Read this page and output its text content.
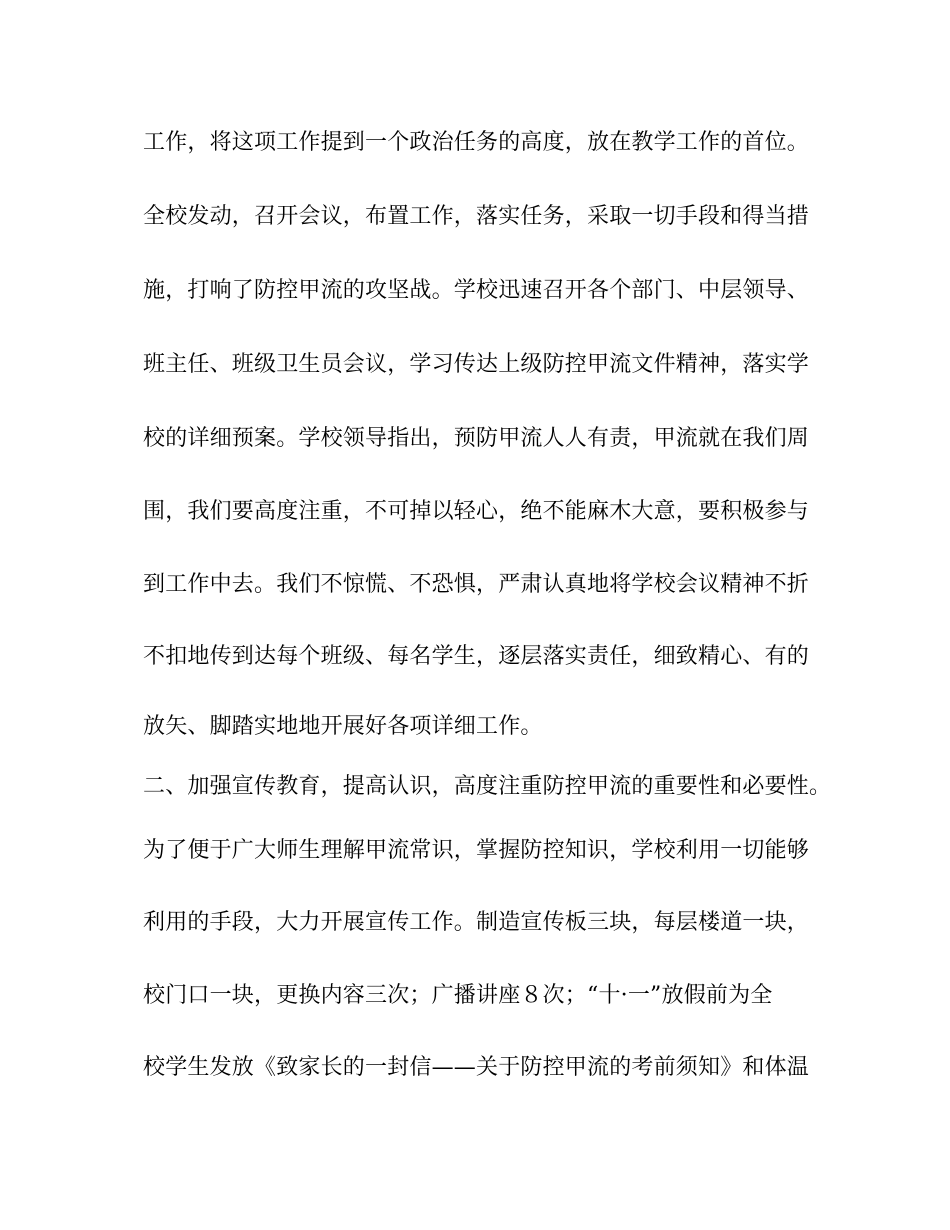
工作，将这项工作提到一个政治任务的高度，放在教学工作的首位。
全校发动，召开会议，布置工作，落实任务，采取一切手段和得当措
施，打响了防控甲流的攻坚战。学校迅速召开各个部门、中层领导、
班主任、班级卫生员会议，学习传达上级防控甲流文件精神，落实学
校的详细预案。学校领导指出，预防甲流人人有责，甲流就在我们周
围，我们要高度注重，不可掉以轻心，绝不能麻木大意，要积极参与
到工作中去。我们不惊慌、不恐惧，严肃认真地将学校会议精神不折
不扣地传到达每个班级、每名学生，逐层落实责任，细致精心、有的
放矢、脚踏实地地开展好各项详细工作。
二、加强宣传教育，提高认识，高度注重防控甲流的重要性和必要性。
为了便于广大师生理解甲流常识，掌握防控知识，学校利用一切能够
利用的手段，大力开展宣传工作。制造宣传板三块，每层楼道一块，
校门口一块，更换内容三次；广播讲座８次；“十·一”放假前为全
校学生发放《致家长的一封信——关于防控甲流的考前须知》和体温
